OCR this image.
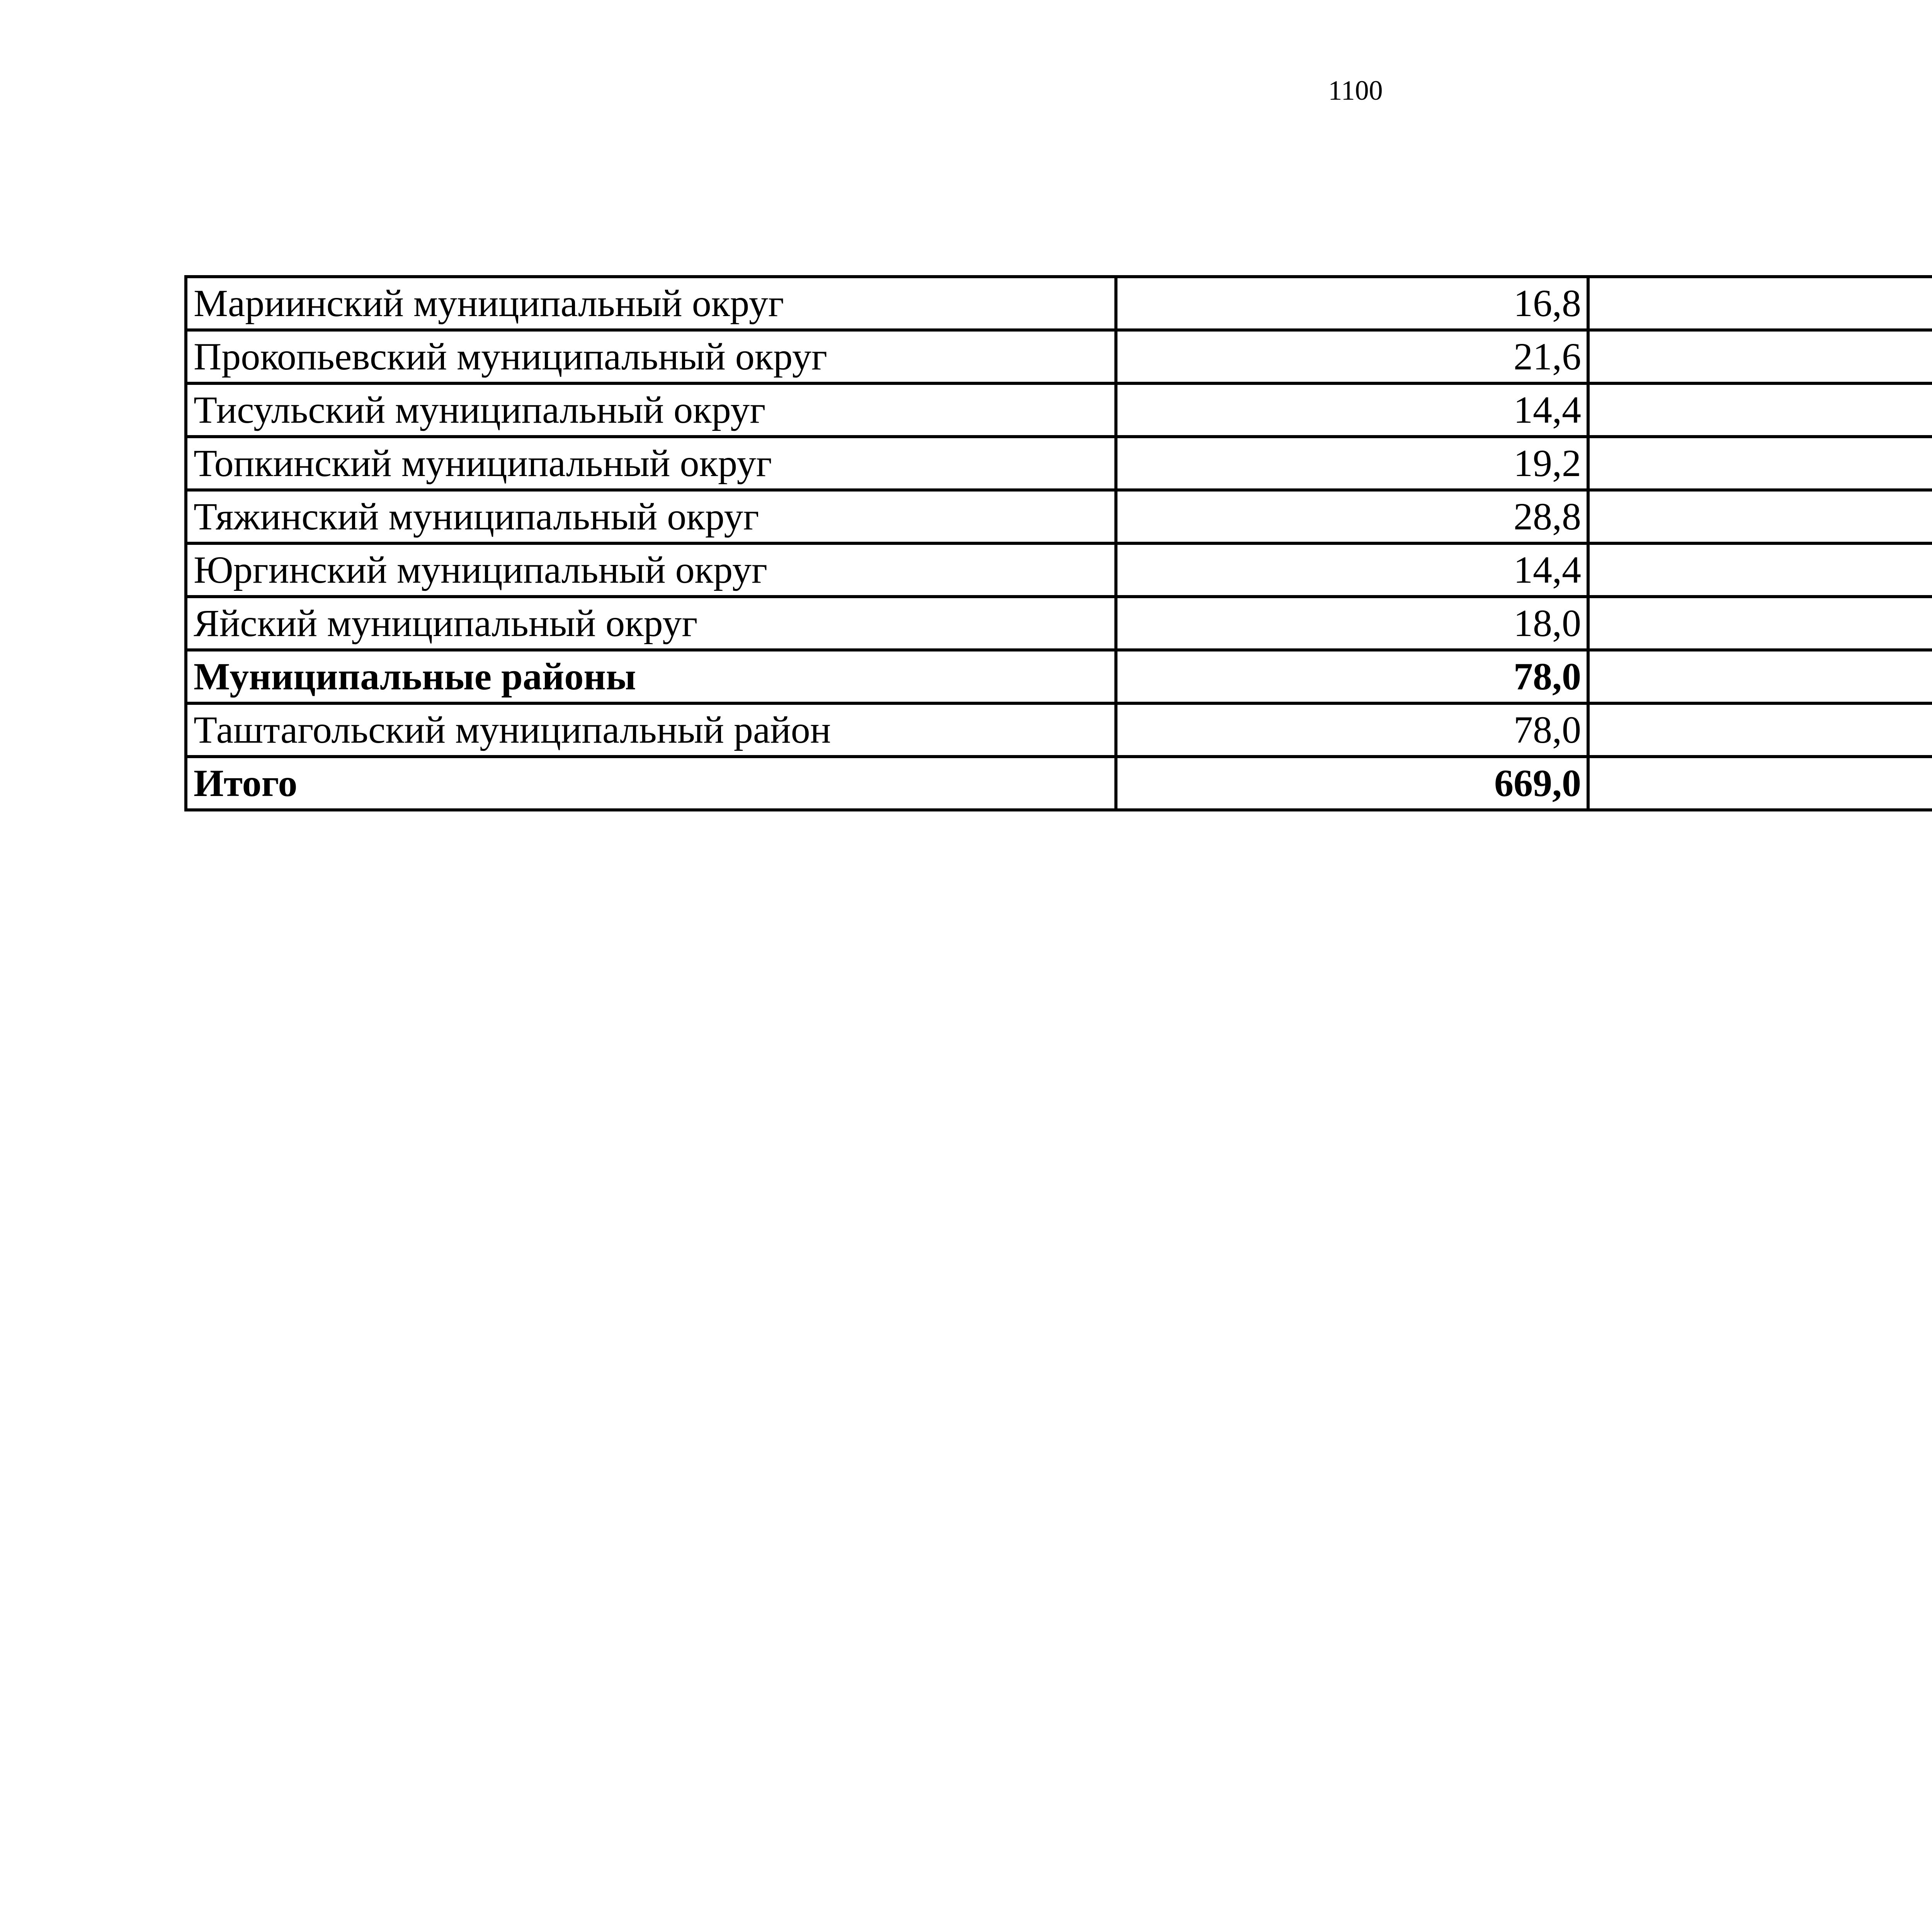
1100
Мариинский муниципальный округ	16,8		
Прокопьевский муниципальный округ	21,6		
Тисульский муниципальный округ	14,4		
Топкинский муниципальный округ	19,2		
Тяжинский муниципальный округ	28,8		
Юргинский муниципальный округ	14,4		
Яйский муниципальный округ	18,0		
Муниципальные районы	78,0		
Таштагольский муниципальный район	78,0		
Итого	669,0		
